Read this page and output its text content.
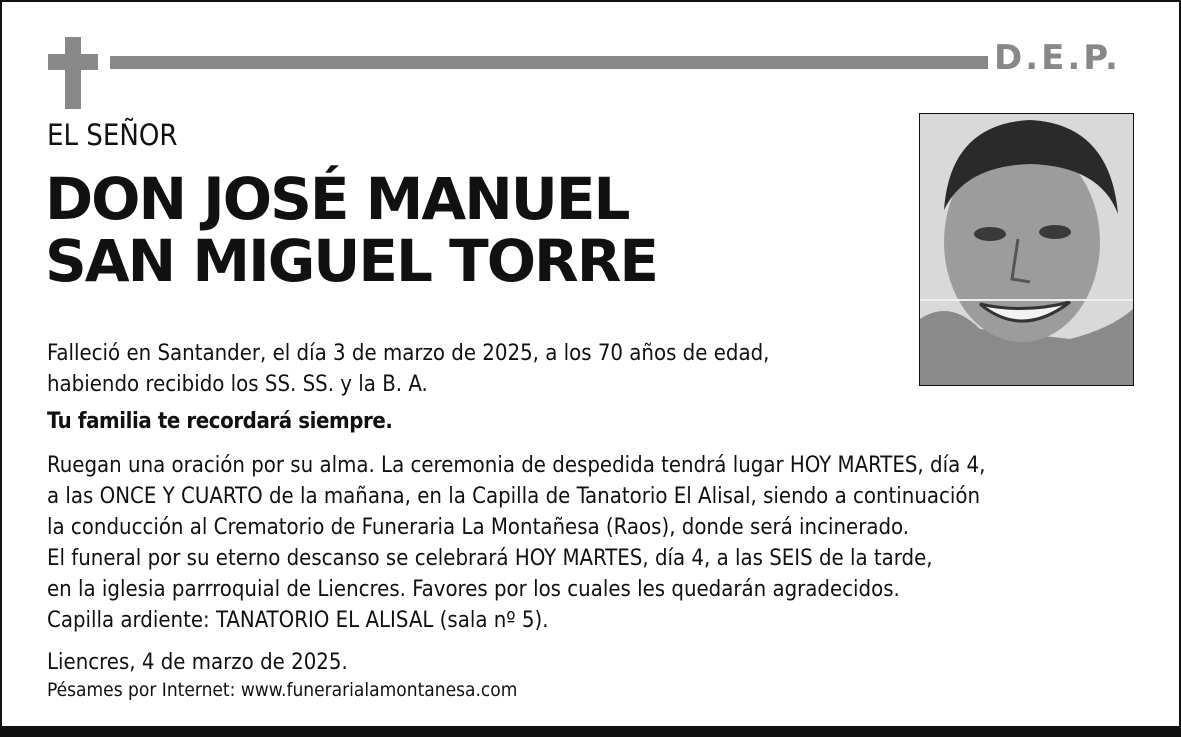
D.E.P.
EL SEÑOR
DON JOSÉ MANUEL
SAN MIGUEL TORRE
Falleció en Santander, el día 3 de marzo de 2025, a los 70 años de edad,
habiendo recibido los SS. SS. y la B. A.
Tu familia te recordará siempre.
Ruegan una oración por su alma. La ceremonia de despedida tendrá lugar HOY MARTES, día 4,
a las ONCE Y CUARTO de la mañana, en la Capilla de Tanatorio El Alisal, siendo a continuación
la conducción al Crematorio de Funeraria La Montañesa (Raos), donde será incinerado.
El funeral por su eterno descanso se celebrará HOY MARTES, día 4, a las SEIS de la tarde,
en la iglesia parrroquial de Liencres. Favores por los cuales les quedarán agradecidos.
Capilla ardiente: TANATORIO EL ALISAL (sala nº 5).
Liencres, 4 de marzo de 2025.
Pésames por Internet: www.funerarialamontanesa.com
